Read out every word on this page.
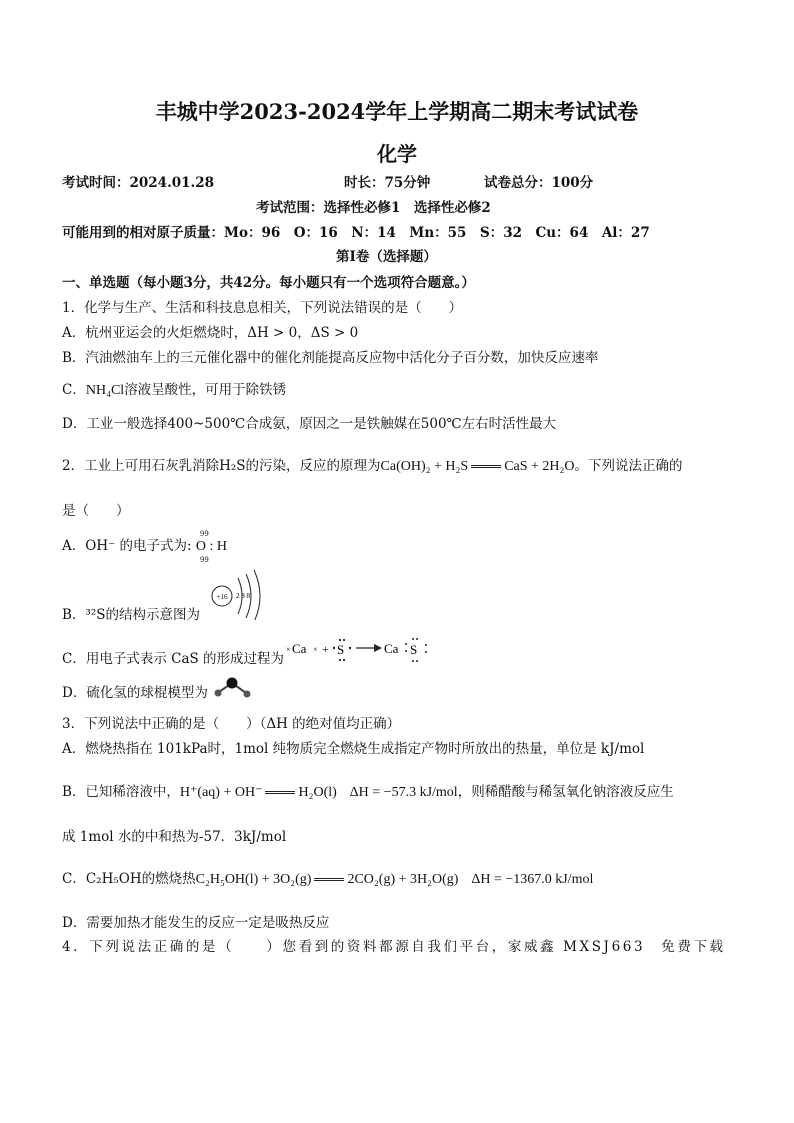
丰城中学2023-2024学年上学期高二期末考试试卷
化学
考试时间：2024.01.28	时长：75分钟	试卷总分：100分
考试范围：选择性必修1　选择性必修2
可能用到的相对原子质量：Mo：96　O：16　N：14　Mn：55　S：32　Cu：64　Al：27
第Ⅰ卷（选择题）
一、单选题（每小题3分，共42分。每小题只有一个选项符合题意。）
1．化学与生产、生活和科技息息相关，下列说法错误的是（　　）
A．杭州亚运会的火炬燃烧时，ΔH > 0，ΔS > 0
B．汽油燃油车上的三元催化器中的催化剂能提高反应物中活化分子百分数，加快反应速率
C．NH₄Cl溶液呈酸性，可用于除铁锈
D．工业一般选择400~500℃合成氨，原因之一是铁触媒在500℃左右时活性最大
2．工业上可用石灰乳消除H₂S的污染，反应的原理为Ca(OH)₂ + H₂S	CaS + 2H₂O。下列说法正确的
是（　　）
A．OH⁻ 的电子式为:
99
O : H
99
B．³²S的结构示意图为
+16 2 8 8
C．用电子式表示 CaS 的形成过程为
× Ca × + S	Ca S
D．硫化氢的球棍模型为
3．下列说法中正确的是（　　）（ΔH 的绝对值均正确）
A．燃烧热指在 101kPa时，1mol 纯物质完全燃烧生成指定产物时所放出的热量，单位是 kJ/mol
B．已知稀溶液中，H⁺(aq) + OH⁻	H₂O(l) ΔH = −57.3 kJ/mol，则稀醋酸与稀氢氧化钠溶液反应生
成 1mol 水的中和热为-57．3kJ/mol
C．C₂H₅OH的燃烧热C₂H₅OH(l) + 3O₂(g)	2CO₂(g) + 3H₂O(g) ΔH = −1367.0 kJ/mol
D．需要加热才能发生的反应一定是吸热反应
4．下列说法正确的是（　　）您看到的资料都源自我们平台，家威鑫 MXSJ663　免费下载
